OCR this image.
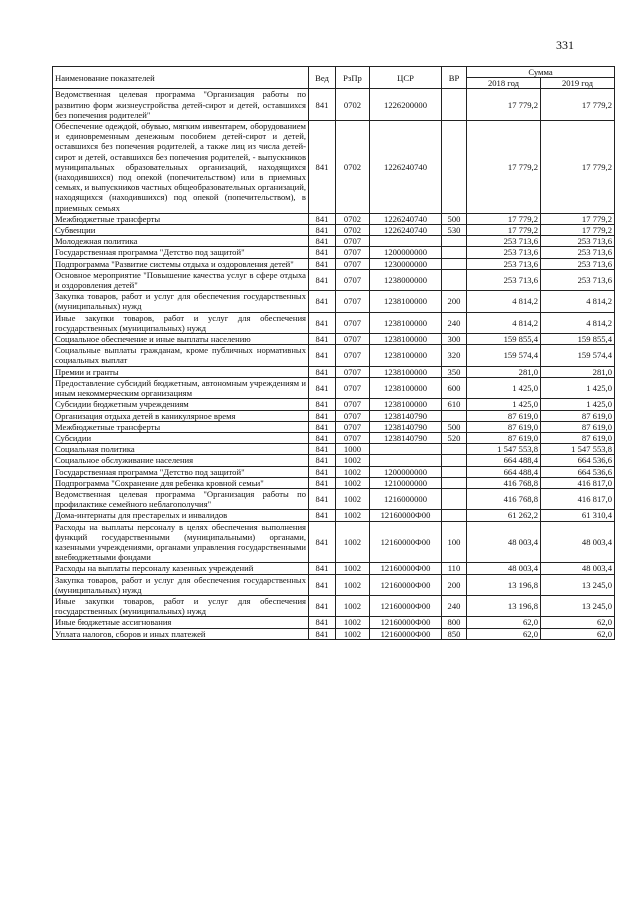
331
Наименование показателей	Вед	РзПр	ЦСР	ВР	Сумма	
					2018 год	2019 год
Ведомственная целевая программа "Организация работы по развитию форм жизнеустройства детей-сирот и детей, оставшихся без попечения родителей"	841	0702	1226200000		17 779,2	17 779,2
Обеспечение одеждой, обувью, мягким инвентарем, оборудованием и единовременным денежным пособием детей-сирот и детей, оставшихся без попечения родителей, а также лиц из числа детей-сирот и детей, оставшихся без попечения родителей, - выпускников муниципальных образовательных организаций, находящихся (находившихся) под опекой (попечительством) или в приемных семьях, и выпускников частных общеобразовательных организаций, находящихся (находившихся) под опекой (попечительством), в приемных семьях	841	0702	1226240740		17 779,2	17 779,2
Межбюджетные трансферты	841	0702	1226240740	500	17 779,2	17 779,2
Субвенции	841	0702	1226240740	530	17 779,2	17 779,2
Молодежная политика	841	0707			253 713,6	253 713,6
Государственная программа "Детство под защитой"	841	0707	1200000000		253 713,6	253 713,6
Подпрограмма "Развитие системы отдыха и оздоровления детей"	841	0707	1230000000		253 713,6	253 713,6
Основное мероприятие "Повышение качества услуг в сфере отдыха и оздоровления детей"	841	0707	1238000000		253 713,6	253 713,6
Закупка товаров, работ и услуг для обеспечения государственных (муниципальных) нужд	841	0707	1238100000	200	4 814,2	4 814,2
Иные закупки товаров, работ и услуг для обеспечения государственных (муниципальных) нужд	841	0707	1238100000	240	4 814,2	4 814,2
Социальное обеспечение и иные выплаты населению	841	0707	1238100000	300	159 855,4	159 855,4
Социальные выплаты гражданам, кроме публичных нормативных социальных выплат	841	0707	1238100000	320	159 574,4	159 574,4
Премии и гранты	841	0707	1238100000	350	281,0	281,0
Предоставление субсидий бюджетным, автономным учреждениям и иным некоммерческим организациям	841	0707	1238100000	600	1 425,0	1 425,0
Субсидии бюджетным учреждениям	841	0707	1238100000	610	1 425,0	1 425,0
Организация отдыха детей в каникулярное время	841	0707	1238140790		87 619,0	87 619,0
Межбюджетные трансферты	841	0707	1238140790	500	87 619,0	87 619,0
Субсидии	841	0707	1238140790	520	87 619,0	87 619,0
Социальная политика	841	1000			1 547 553,8	1 547 553,8
Социальное обслуживание населения	841	1002			664 488,4	664 536,6
Государственная программа "Детство под защитой"	841	1002	1200000000		664 488,4	664 536,6
Подпрограмма "Сохранение для ребенка кровной семьи"	841	1002	1210000000		416 768,8	416 817,0
Ведомственная целевая программа "Организация работы по профилактике семейного неблагополучия"	841	1002	1216000000		416 768,8	416 817,0
Дома-интернаты для престарелых и инвалидов	841	1002	12160000Ф00		61 262,2	61 310,4
Расходы на выплаты персоналу в целях обеспечения выполнения функций государственными (муниципальными) органами, казенными учреждениями, органами управления государственными внебюджетными фондами	841	1002	12160000Ф00	100	48 003,4	48 003,4
Расходы на выплаты персоналу казенных учреждений	841	1002	12160000Ф00	110	48 003,4	48 003,4
Закупка товаров, работ и услуг для обеспечения государственных (муниципальных) нужд	841	1002	12160000Ф00	200	13 196,8	13 245,0
Иные закупки товаров, работ и услуг для обеспечения государственных (муниципальных) нужд	841	1002	12160000Ф00	240	13 196,8	13 245,0
Иные бюджетные ассигнования	841	1002	12160000Ф00	800	62,0	62,0
Уплата налогов, сборов и иных платежей	841	1002	12160000Ф00	850	62,0	62,0
